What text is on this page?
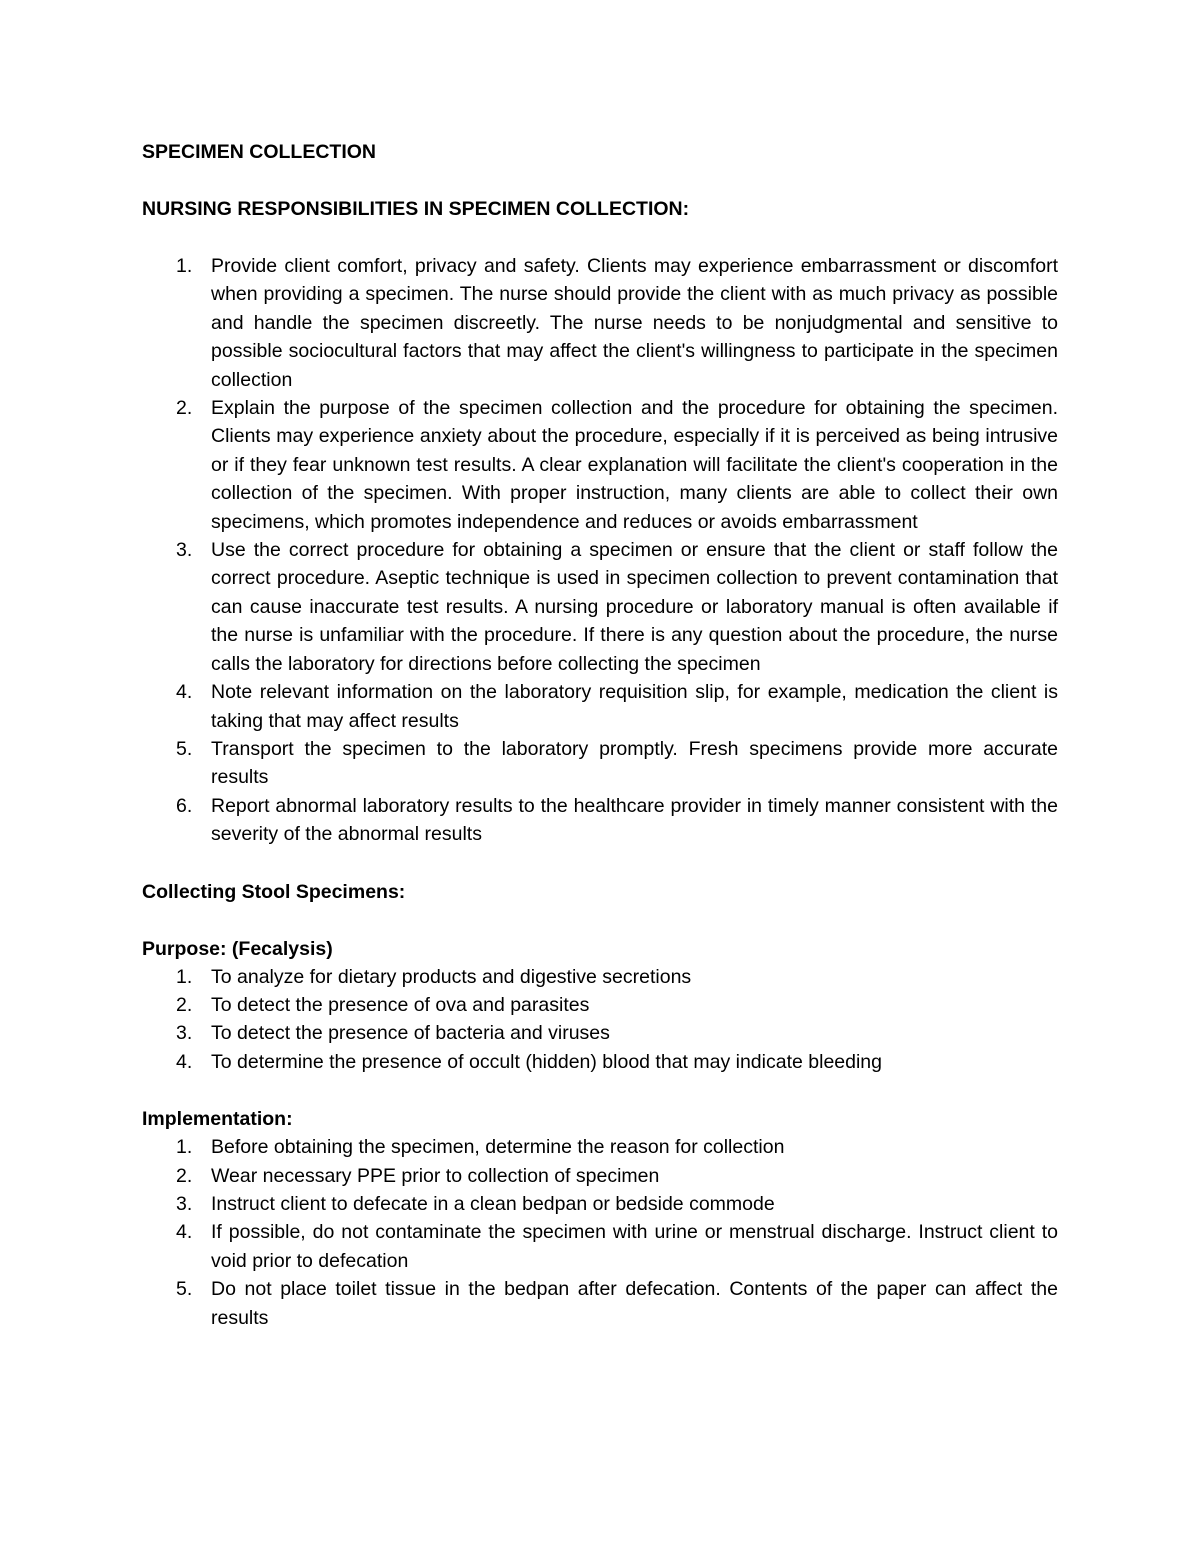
SPECIMEN COLLECTION
NURSING RESPONSIBILITIES IN SPECIMEN COLLECTION:
1. Provide client comfort, privacy and safety. Clients may experience embarrassment or discomfort when providing a specimen. The nurse should provide the client with as much privacy as possible and handle the specimen discreetly. The nurse needs to be nonjudgmental and sensitive to possible sociocultural factors that may affect the client's willingness to participate in the specimen collection
2. Explain the purpose of the specimen collection and the procedure for obtaining the specimen. Clients may experience anxiety about the procedure, especially if it is perceived as being intrusive or if they fear unknown test results. A clear explanation will facilitate the client's cooperation in the collection of the specimen. With proper instruction, many clients are able to collect their own specimens, which promotes independence and reduces or avoids embarrassment
3. Use the correct procedure for obtaining a specimen or ensure that the client or staff follow the correct procedure. Aseptic technique is used in specimen collection to prevent contamination that can cause inaccurate test results. A nursing procedure or laboratory manual is often available if the nurse is unfamiliar with the procedure. If there is any question about the procedure, the nurse calls the laboratory for directions before collecting the specimen
4. Note relevant information on the laboratory requisition slip, for example, medication the client is taking that may affect results
5. Transport the specimen to the laboratory promptly. Fresh specimens provide more accurate results
6. Report abnormal laboratory results to the healthcare provider in timely manner consistent with the severity of the abnormal results
Collecting Stool Specimens:
Purpose: (Fecalysis)
1. To analyze for dietary products and digestive secretions
2. To detect the presence of ova and parasites
3. To detect the presence of bacteria and viruses
4. To determine the presence of occult (hidden) blood that may indicate bleeding
Implementation:
1. Before obtaining the specimen, determine the reason for collection
2. Wear necessary PPE prior to collection of specimen
3. Instruct client to defecate in a clean bedpan or bedside commode
4. If possible, do not contaminate the specimen with urine or menstrual discharge. Instruct client to void prior to defecation
5. Do not place toilet tissue in the bedpan after defecation. Contents of the paper can affect the results
